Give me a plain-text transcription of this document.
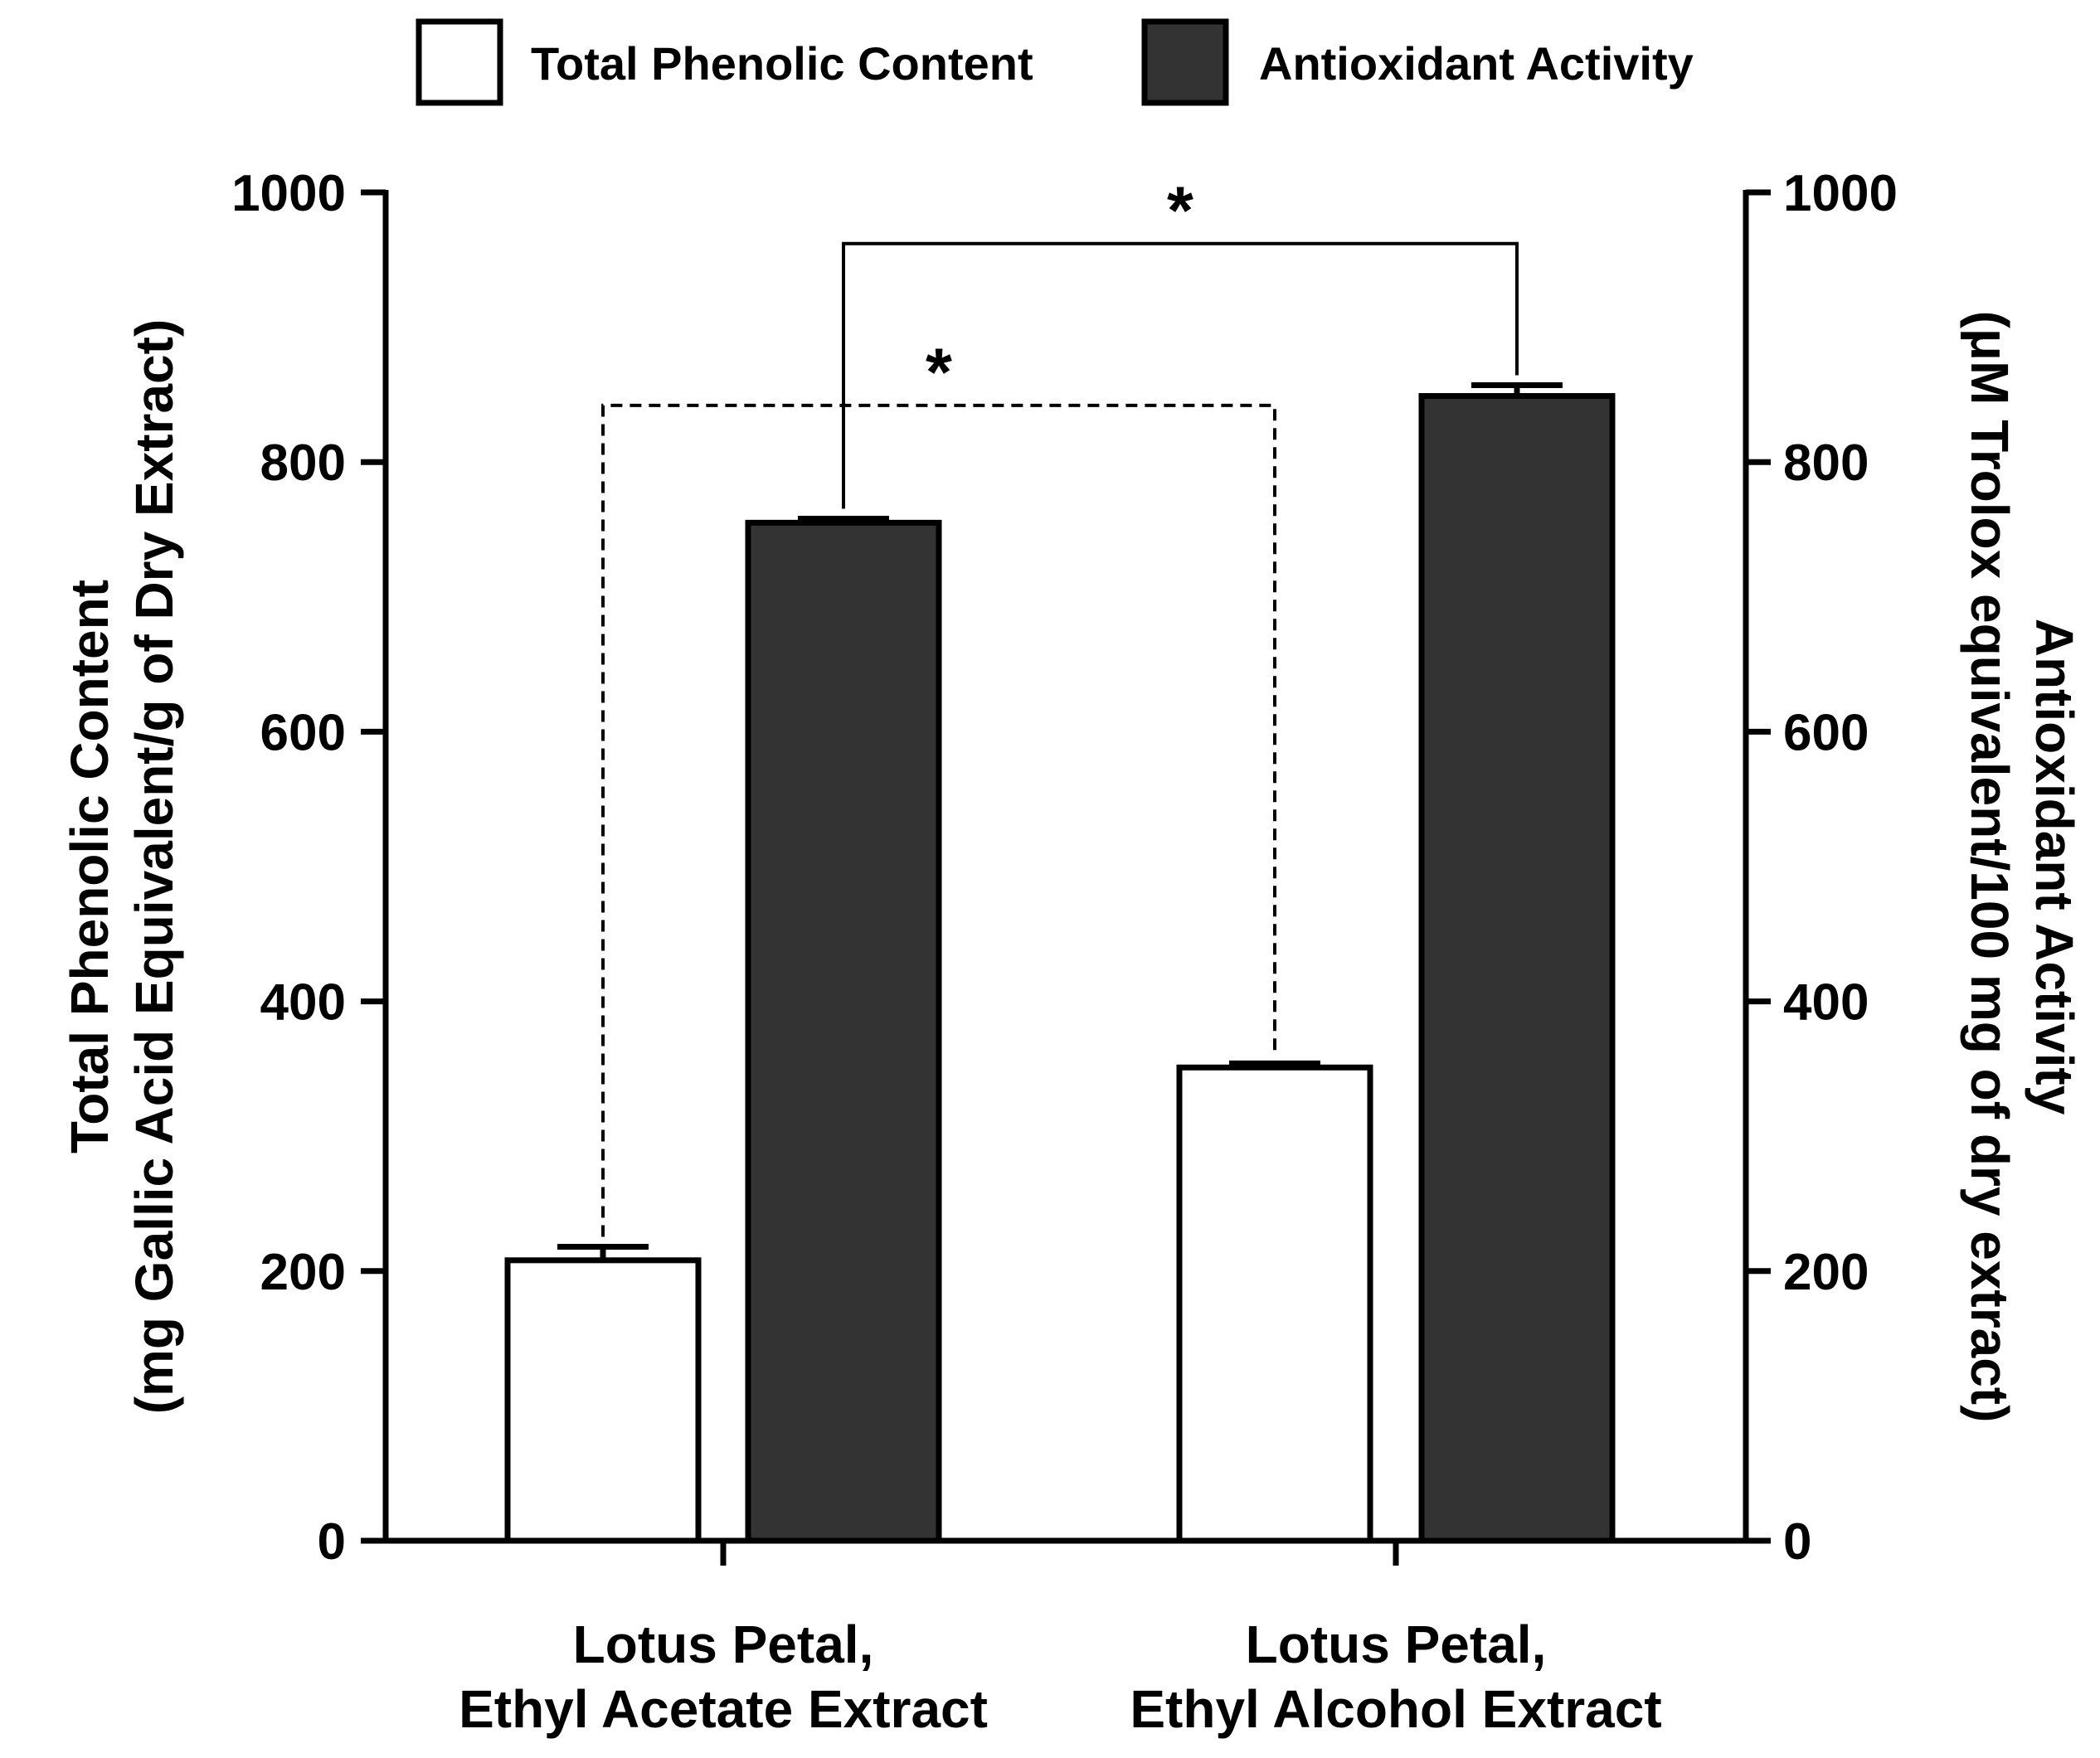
Total Phenolic Content	Antioxidant Activity
*
*
0
200
400
600
800
1000
0
200
400
600
800
1000
Lotus Petal, Ethyl Acetate Extract
Lotus Petal, Ethyl Alcohol Extract
Total Phenolic Content (mg Gallic Acid Equivalent/g of Dry Extract)	Antioxidant Activity
(μM Trolox equivalent/100 mg of dry extract)
